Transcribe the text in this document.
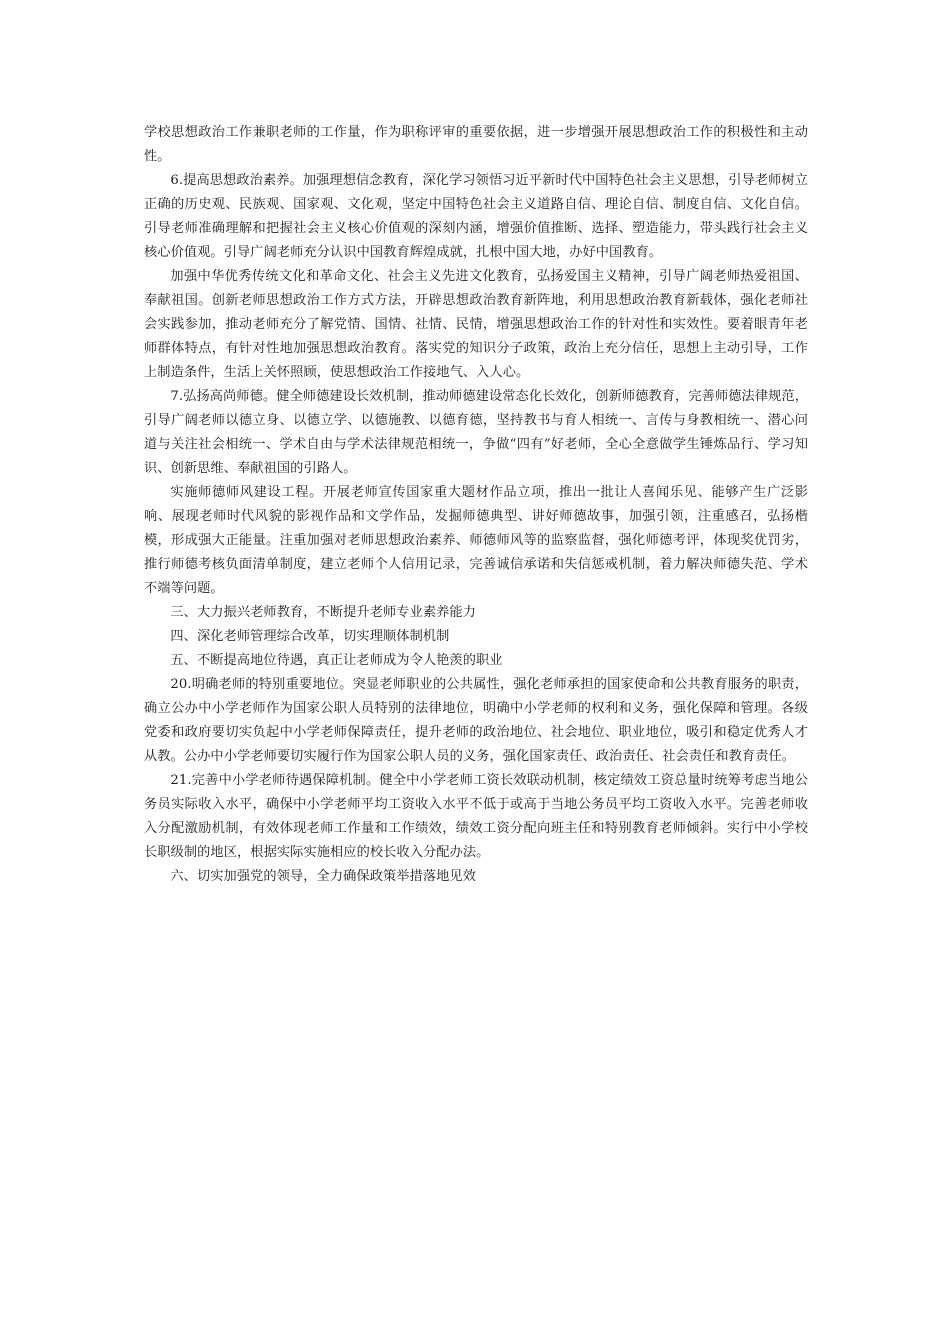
学校思想政治工作兼职老师的工作量，作为职称评审的重要依据，进一步增强开展思想政治工作的积极性和主动性。

6.提高思想政治素养。加强理想信念教育，深化学习领悟习近平新时代中国特色社会主义思想，引导老师树立正确的历史观、民族观、国家观、文化观，坚定中国特色社会主义道路自信、理论自信、制度自信、文化自信。引导老师准确理解和把握社会主义核心价值观的深刻内涵，增强价值推断、选择、塑造能力，带头践行社会主义核心价值观。引导广阔老师充分认识中国教育辉煌成就，扎根中国大地，办好中国教育。

加强中华优秀传统文化和革命文化、社会主义先进文化教育，弘扬爱国主义精神，引导广阔老师热爱祖国、奉献祖国。创新老师思想政治工作方式方法，开辟思想政治教育新阵地，利用思想政治教育新载体，强化老师社会实践参加，推动老师充分了解党情、国情、社情、民情，增强思想政治工作的针对性和实效性。要着眼青年老师群体特点，有针对性地加强思想政治教育。落实党的知识分子政策，政治上充分信任，思想上主动引导，工作上制造条件，生活上关怀照顾，使思想政治工作接地气、入人心。

7.弘扬高尚师德。健全师德建设长效机制，推动师德建设常态化长效化，创新师德教育，完善师德法律规范，引导广阔老师以德立身、以德立学、以德施教、以德育德，坚持教书与育人相统一、言传与身教相统一、潜心问道与关注社会相统一、学术自由与学术法律规范相统一，争做“四有”好老师，全心全意做学生锤炼品行、学习知识、创新思维、奉献祖国的引路人。

实施师德师风建设工程。开展老师宣传国家重大题材作品立项，推出一批让人喜闻乐见、能够产生广泛影响、展现老师时代风貌的影视作品和文学作品，发掘师德典型、讲好师德故事，加强引领，注重感召，弘扬楷模，形成强大正能量。注重加强对老师思想政治素养、师德师风等的监察监督，强化师德考评，体现奖优罚劣，推行师德考核负面清单制度，建立老师个人信用记录，完善诚信承诺和失信惩戒机制，着力解决师德失范、学术不端等问题。

三、大力振兴老师教育，不断提升老师专业素养能力

四、深化老师管理综合改革，切实理顺体制机制

五、不断提高地位待遇，真正让老师成为令人艳羡的职业

20.明确老师的特别重要地位。突显老师职业的公共属性，强化老师承担的国家使命和公共教育服务的职责，确立公办中小学老师作为国家公职人员特别的法律地位，明确中小学老师的权利和义务，强化保障和管理。各级党委和政府要切实负起中小学老师保障责任，提升老师的政治地位、社会地位、职业地位，吸引和稳定优秀人才从教。公办中小学老师要切实履行作为国家公职人员的义务，强化国家责任、政治责任、社会责任和教育责任。

21.完善中小学老师待遇保障机制。健全中小学老师工资长效联动机制，核定绩效工资总量时统筹考虑当地公务员实际收入水平，确保中小学老师平均工资收入水平不低于或高于当地公务员平均工资收入水平。完善老师收入分配激励机制，有效体现老师工作量和工作绩效，绩效工资分配向班主任和特别教育老师倾斜。实行中小学校长职级制的地区，根据实际实施相应的校长收入分配办法。

六、切实加强党的领导，全力确保政策举措落地见效
